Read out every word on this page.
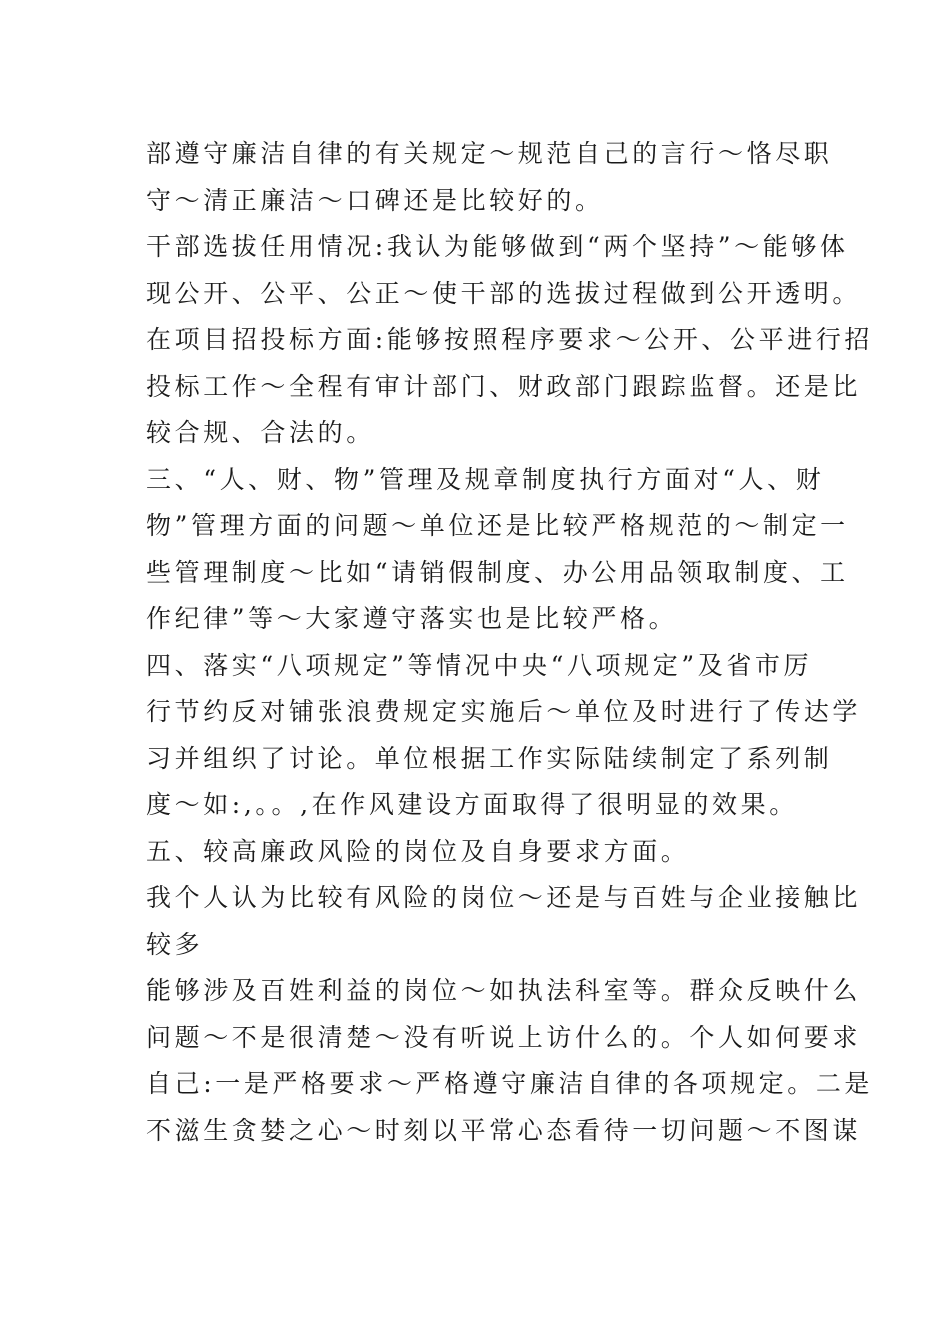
部遵守廉洁自律的有关规定～规范自己的言行～恪尽职
守～清正廉洁～口碑还是比较好的。
干部选拔任用情况:我认为能够做到“两个坚持”～能够体
现公开、公平、公正～使干部的选拔过程做到公开透明。
在项目招投标方面:能够按照程序要求～公开、公平进行招
投标工作～全程有审计部门、财政部门跟踪监督。还是比
较合规、合法的。
三、“人、财、物”管理及规章制度执行方面对“人、财
物”管理方面的问题～单位还是比较严格规范的～制定一
些管理制度～比如“请销假制度、办公用品领取制度、工
作纪律”等～大家遵守落实也是比较严格。
四、落实“八项规定”等情况中央“八项规定”及省市厉
行节约反对铺张浪费规定实施后～单位及时进行了传达学
习并组织了讨论。单位根据工作实际陆续制定了系列制
度～如:,。。,在作风建设方面取得了很明显的效果。
五、较高廉政风险的岗位及自身要求方面。
我个人认为比较有风险的岗位～还是与百姓与企业接触比
较多
能够涉及百姓利益的岗位～如执法科室等。群众反映什么
问题～不是很清楚～没有听说上访什么的。个人如何要求
自己:一是严格要求～严格遵守廉洁自律的各项规定。二是
不滋生贪婪之心～时刻以平常心态看待一切问题～不图谋
